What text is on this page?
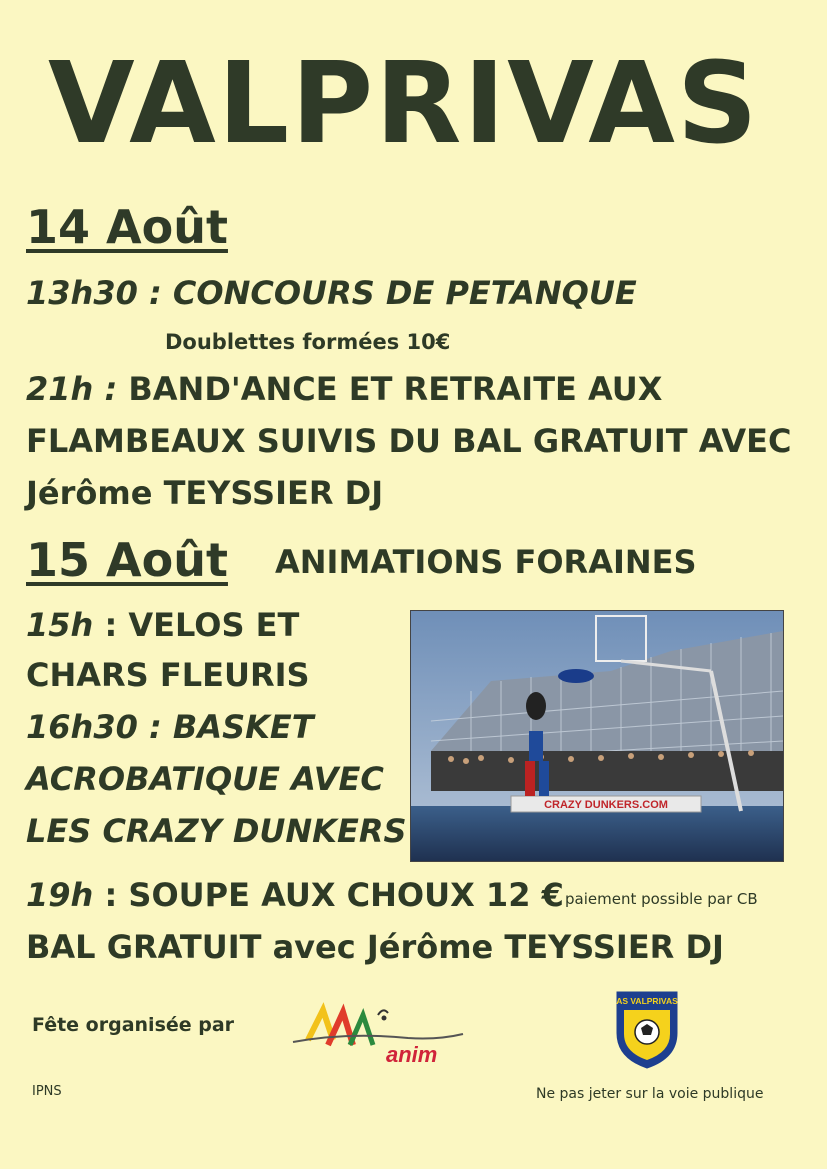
VALPRIVAS
14 Août
13h30 : CONCOURS DE PETANQUE
Doublettes formées 10€
21h : BAND'ANCE ET RETRAITE AUX
FLAMBEAUX SUIVIS DU BAL GRATUIT AVEC
Jérôme TEYSSIER DJ
15 Août ANIMATIONS FORAINES
15h : VELOS ET
CHARS FLEURIS
16h30 : BASKET
ACROBATIQUE AVEC
LES CRAZY DUNKERS
CRAZY DUNKERS.COM
19h : SOUPE AUX CHOUX 12 € paiement possible par CB
BAL GRATUIT avec Jérôme TEYSSIER DJ
Fête organisée par
anim
AS VALPRIVAS
IPNS	Ne pas jeter sur la voie publique
